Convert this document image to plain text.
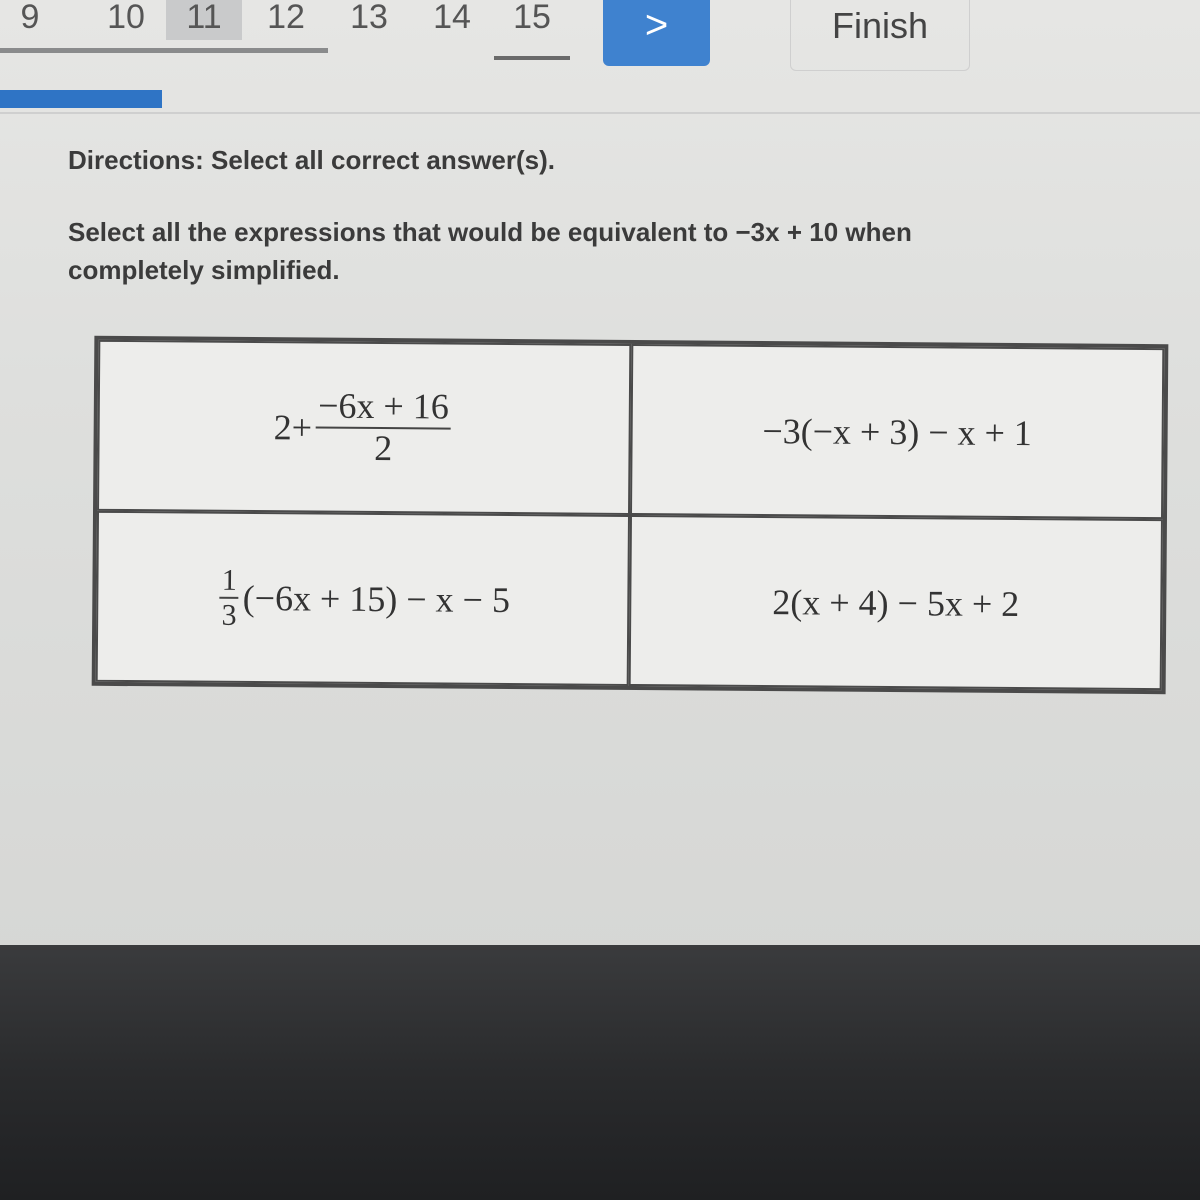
9	10	11	12	13	14	15	>	Finish
Directions: Select all correct answer(s).
Select all the expressions that would be equivalent to −3x + 10 when completely simplified.
$2+ \frac{-6x + 16}{2}$	−3(−x + 3) − x + 1
$\frac{1}{3} (-6x + 15) - x - 5$	2(x + 4) − 5x + 2
